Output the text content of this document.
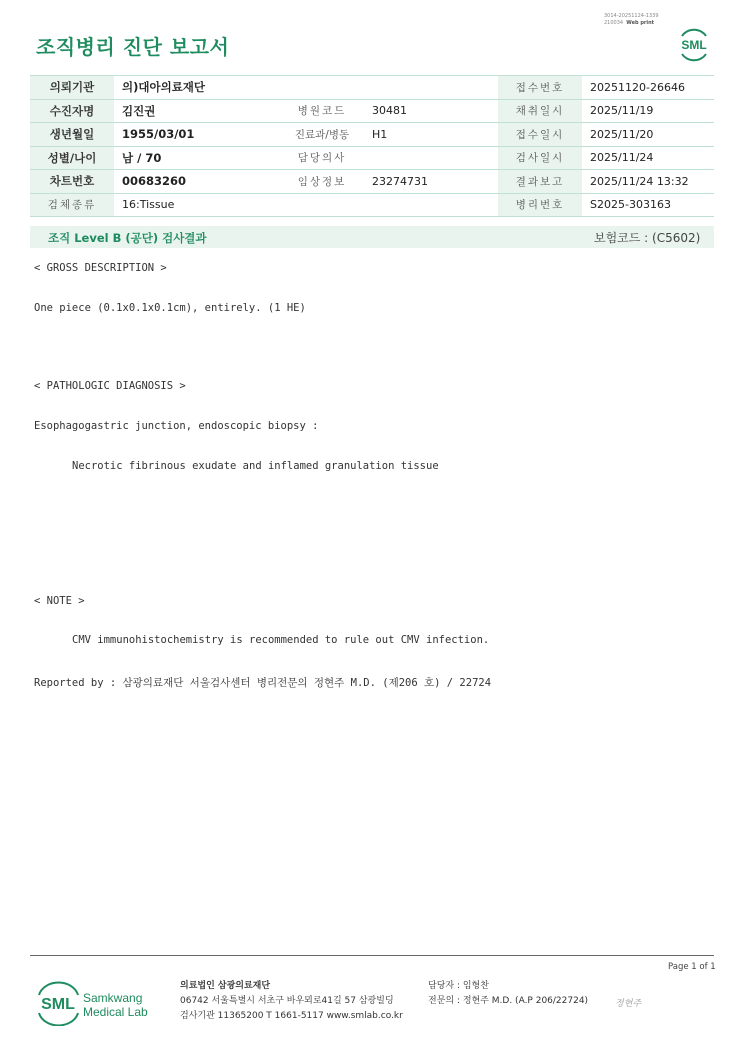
3014-20251124-1339
210034 Web print
조직병리 진단 보고서	SML
의뢰기관	의)대아의료재단			접수번호	20251120-26646
수진자명	김진권	병원코드	30481	채취일시	2025/11/19
생년월일	1955/03/01	진료과/병동	H1	접수일시	2025/11/20
성별/나이	남 / 70	담당의사		검사일시	2025/11/24
차트번호	00683260	임상정보	23274731	결과보고	2025/11/24 13:32
검체종류	16:Tissue			병리번호	S2025-303163
조직 Level B (공단) 검사결과	보험코드 : (C5602)
< GROSS DESCRIPTION >
One piece (0.1x0.1x0.1cm), entirely. (1 HE)
< PATHOLOGIC DIAGNOSIS >
Esophagogastric junction, endoscopic biopsy :
Necrotic fibrinous exudate and inflamed granulation tissue
< NOTE >
CMV immunohistochemistry is recommended to rule out CMV infection.
Reported by : 삼광의료재단 서울검사센터 병리전문의 정현주 M.D. (제206 호) / 22724
Page 1 of 1
SML Samkwang
Medical Lab
의료법인 삼광의료재단
06742 서울특별시 서초구 바우뫼로41길 57 삼광빌딩
검사기관 11365200 T 1661-5117 www.smlab.co.kr
담당자 : 임형찬
전문의 : 정현주 M.D. (A.P 206/22724)	정현주
